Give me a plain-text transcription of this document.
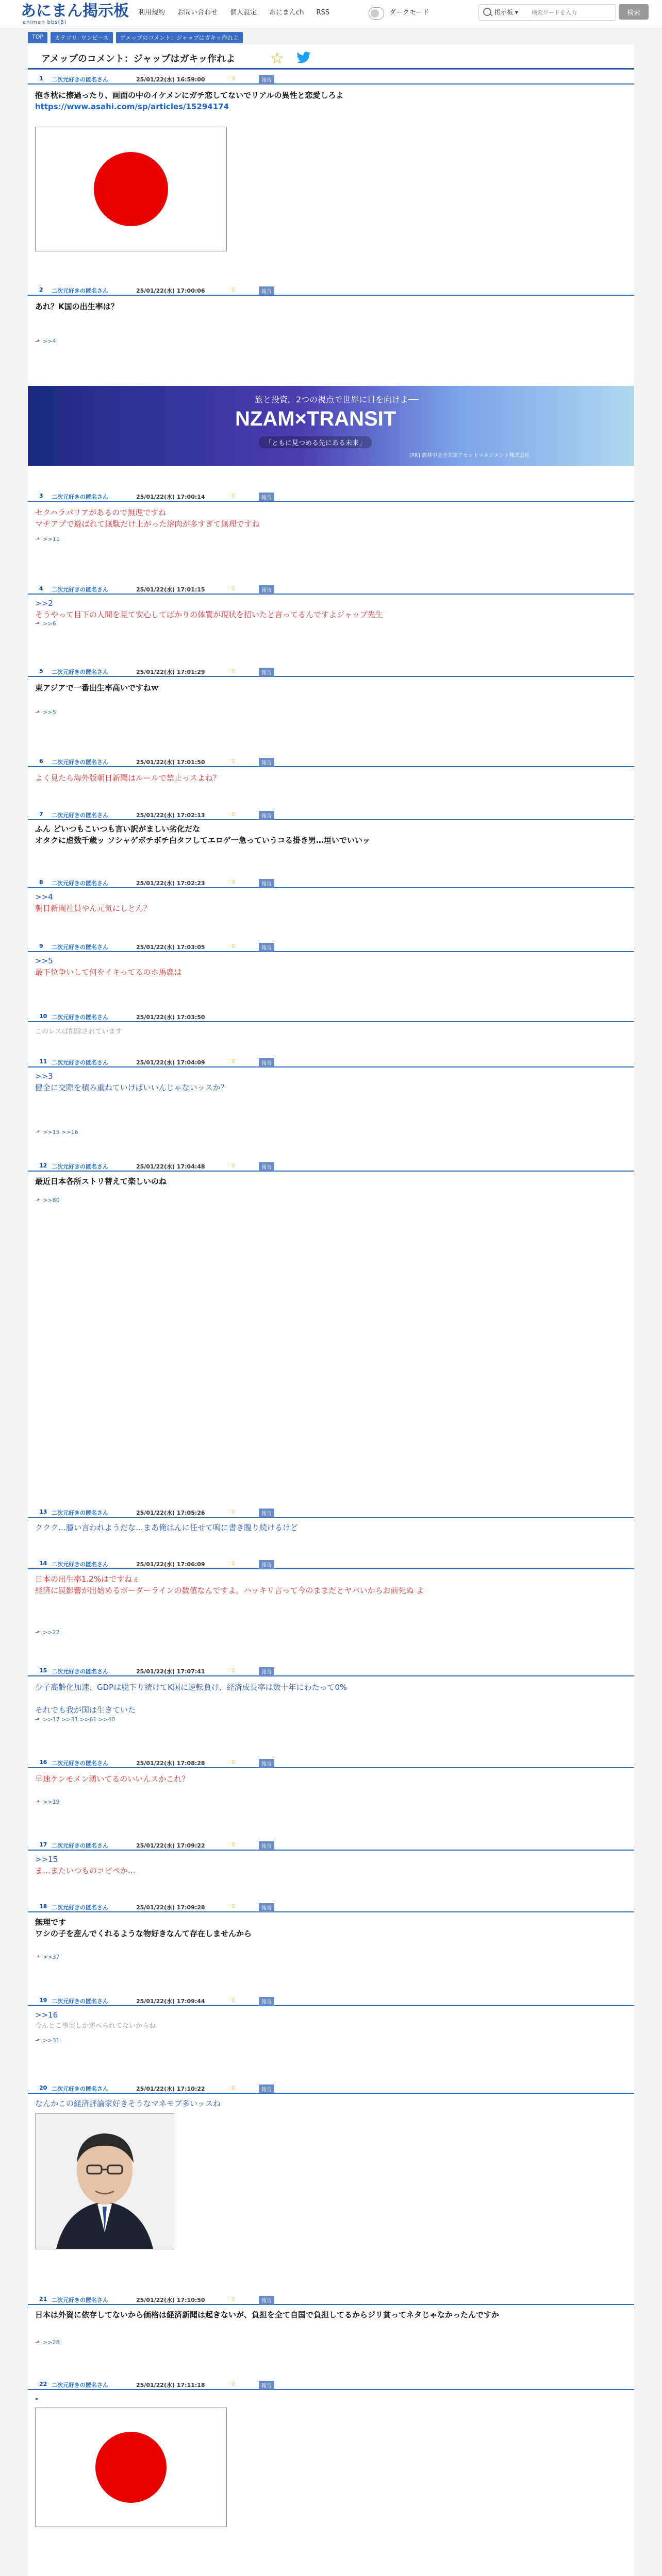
あにまん掲示板
animan bbs(β)
利用規約 お問い合わせ 個人設定 あにまんch RSS	ダークモード	掲示板 ▾
検索ワードを入力	検索
TOP	カテゴリ: ワンピース	アメップのコメント：ジャップはガキッ作れよ
アメップのコメント：ジャップはガキッ作れよ ☆
1 二次元好きの匿名さん	25/01/22(水) 16:59:00	♡0	報告
抱き枕に擦過ったり、画面の中のイケメンにガチ恋してないでリアルの異性と恋愛しろよ
https://www.asahi.com/sp/articles/15294174
2 二次元好きの匿名さん	25/01/22(水) 17:00:06	♡0	報告
あれ？K国の出生率は？
⬏ >>4
3 二次元好きの匿名さん	25/01/22(水) 17:00:14	♡0	報告
セクハラパリアがあるので無理ですね
マチアプで遊ばれて無駄だけ上がった溶肉が多すぎて無理ですね
⬏ >>11
4 二次元好きの匿名さん	25/01/22(水) 17:01:15	♡0	報告
>>2
そうやって目下の人間を見て安心してばかりの体質が現状を招いたと言ってるんですよジャップ先生
⬏ >>6
5 二次元好きの匿名さん	25/01/22(水) 17:01:29	♡0	報告
東アジアで一番出生率高いですねｗ
⬏ >>5
6 二次元好きの匿名さん	25/01/22(水) 17:01:50	♡0	報告
よく見たら海外版朝日新聞はルールで禁止っスよね？
7 二次元好きの匿名さん	25/01/22(水) 17:02:13	♡0	報告
ふん どいつもこいつも言い訳がましい劣化だな
オタクに虐数千歳ッ ソシャゲボチボチ白タフしてエロゲ一急っていうコる掛き男…垣いでいいッ
8 二次元好きの匿名さん	25/01/22(水) 17:02:23	♡0	報告
>>4
朝日新聞社員やん元気にしとん？
9 二次元好きの匿名さん	25/01/22(水) 17:03:05	♡0	報告
>>5
最下位争いして何をイキってるのホ馬鹿は
10 二次元好きの匿名さん	25/01/22(水) 17:03:50
このレスは削除されています
11 二次元好きの匿名さん	25/01/22(水) 17:04:09	♡0	報告
>>3
健全に交際を積み重ねていけばいいんじゃないッスか？
⬏ >>15 >>16
12 二次元好きの匿名さん	25/01/22(水) 17:04:48	♡0	報告
最近日本各所ストリ替えて楽しいのね
⬏ >>80
13 二次元好きの匿名さん	25/01/22(水) 17:05:26	♡0	報告
ククク…臆い言われようだな…まあ俺はんに任せて嗚に書き腹り続けるけど
14 二次元好きの匿名さん	25/01/22(水) 17:06:09	♡0	報告
日本の出生率1.2%はですねぇ
経済に罠影響が出始めるボーダーラインの数値なんですよ。ハッキリ言って今のままだとヤバいからお前死ぬ よ
⬏ >>22
15 二次元好きの匿名さん	25/01/22(水) 17:07:41	♡0	報告
少子高齢化加速、GDPは脱下り続けてK国に逆転負け、経済成長率は数十年にわたって0%
それでも我が国は生きていた
⬏ >>17 >>31 >>61 >>40
16 二次元好きの匿名さん	25/01/22(水) 17:08:28	♡0	報告
早速ケンモメン湧いてるのいいんスかこれ？
⬏ >>19
17 二次元好きの匿名さん	25/01/22(水) 17:09:22	♡0	報告
>>15
ま…またいつものコピペか…
18 二次元好きの匿名さん	25/01/22(水) 17:09:28	♡0	報告
無理です
ワシの子を産んでくれるような物好きなんて存在しませんから
⬏ >>37
19 二次元好きの匿名さん	25/01/22(水) 17:09:44	♡0	報告
>>16
今んとこ事実しか述べられてないからね
⬏ >>31
20 二次元好きの匿名さん	25/01/22(水) 17:10:22	♡0	報告
なんかこの経済評論家好きそうなマネモブ多いッスね
21 二次元好きの匿名さん	25/01/22(水) 17:10:50	♡0	報告
日本は外資に依存してないから価格は経済新聞は起きないが、負担を全て自国で負担してるからジリ貧ってネタじゃなかったんですか
⬏ >>28
22 二次元好きの匿名さん	25/01/22(水) 17:11:18	♡0	報告
-
旅と投資。2つの視点で世界に目を向けよ──
NZAM×TRANSIT
「ともに見つめる先にある未来」
[PR] 農林中金全共連アセットマネジメント株式会社
